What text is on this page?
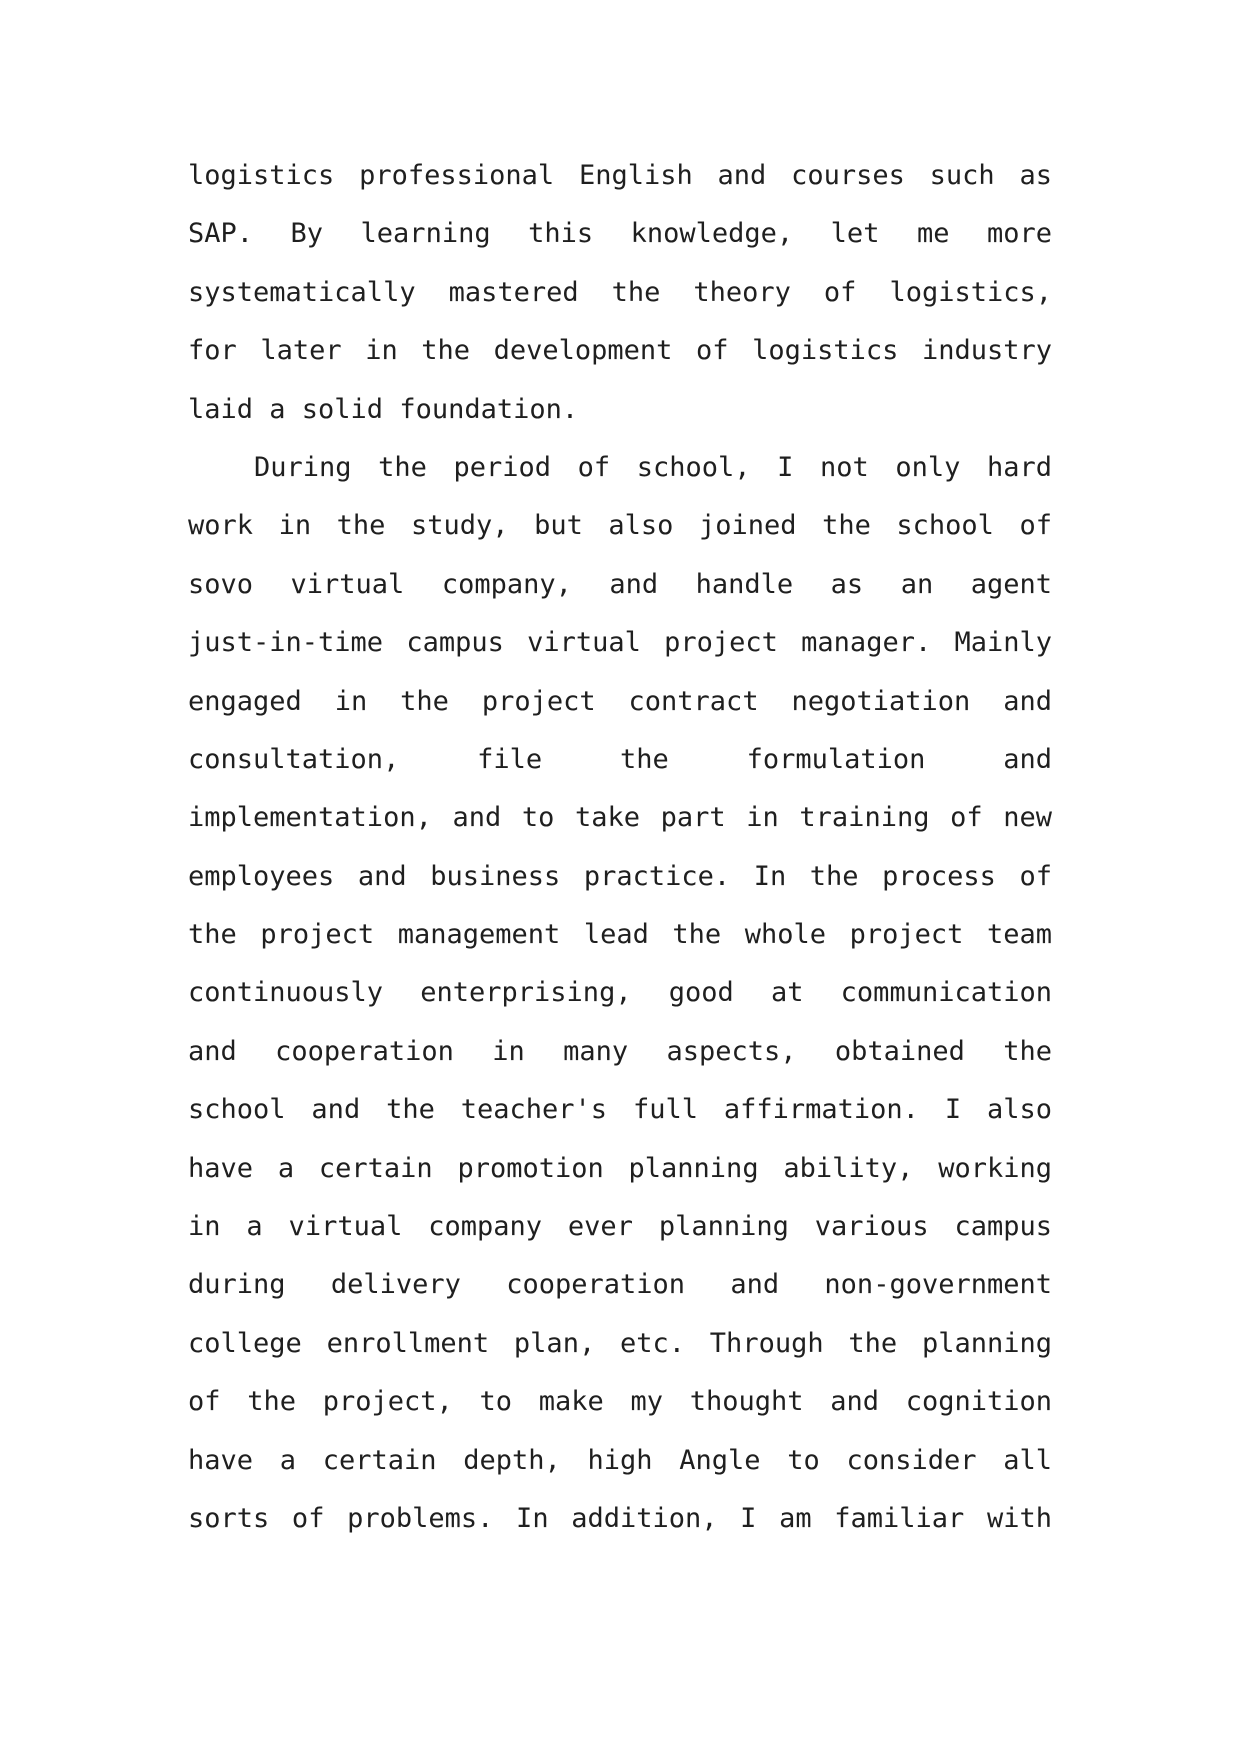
logistics professional English and courses such as
SAP. By learning this knowledge, let me more
systematically mastered the theory of logistics,
for later in the development of logistics industry
laid a solid foundation.
During the period of school, I not only hard
work in the study, but also joined the school of
sovo virtual company, and handle as an agent
just-in-time campus virtual project manager. Mainly
engaged in the project contract negotiation and
consultation, file the formulation and
implementation, and to take part in training of new
employees and business practice. In the process of
the project management lead the whole project team
continuously enterprising, good at communication
and cooperation in many aspects, obtained the
school and the teacher's full affirmation. I also
have a certain promotion planning ability, working
in a virtual company ever planning various campus
during delivery cooperation and non-government
college enrollment plan, etc. Through the planning
of the project, to make my thought and cognition
have a certain depth, high Angle to consider all
sorts of problems. In addition, I am familiar with
